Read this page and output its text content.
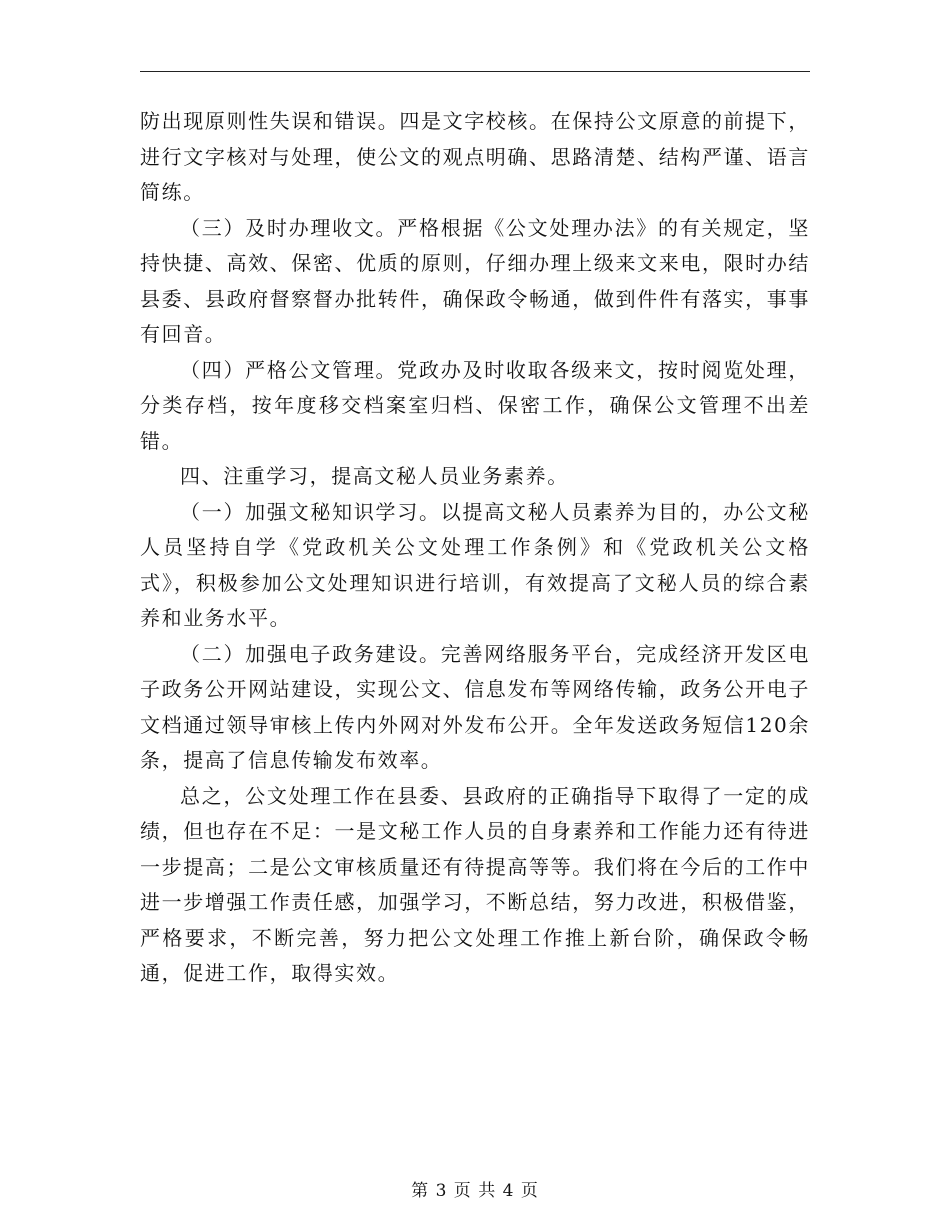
防出现原则性失误和错误。四是文字校核。在保持公文原意的前提下，进行文字核对与处理，使公文的观点明确、思路清楚、结构严谨、语言简练。

（三）及时办理收文。严格根据《公文处理办法》的有关规定，坚持快捷、高效、保密、优质的原则，仔细办理上级来文来电，限时办结县委、县政府督察督办批转件，确保政令畅通，做到件件有落实，事事有回音。

（四）严格公文管理。党政办及时收取各级来文，按时阅览处理，分类存档，按年度移交档案室归档、保密工作，确保公文管理不出差错。

四、注重学习，提高文秘人员业务素养。

（一）加强文秘知识学习。以提高文秘人员素养为目的，办公文秘人员坚持自学《党政机关公文处理工作条例》和《党政机关公文格式》，积极参加公文处理知识进行培训，有效提高了文秘人员的综合素养和业务水平。

（二）加强电子政务建设。完善网络服务平台，完成经济开发区电子政务公开网站建设，实现公文、信息发布等网络传输，政务公开电子文档通过领导审核上传内外网对外发布公开。全年发送政务短信120余条，提高了信息传输发布效率。

总之，公文处理工作在县委、县政府的正确指导下取得了一定的成绩，但也存在不足：一是文秘工作人员的自身素养和工作能力还有待进一步提高；二是公文审核质量还有待提高等等。我们将在今后的工作中进一步增强工作责任感，加强学习，不断总结，努力改进，积极借鉴，严格要求，不断完善，努力把公文处理工作推上新台阶，确保政令畅通，促进工作，取得实效。

第 3 页 共 4 页
